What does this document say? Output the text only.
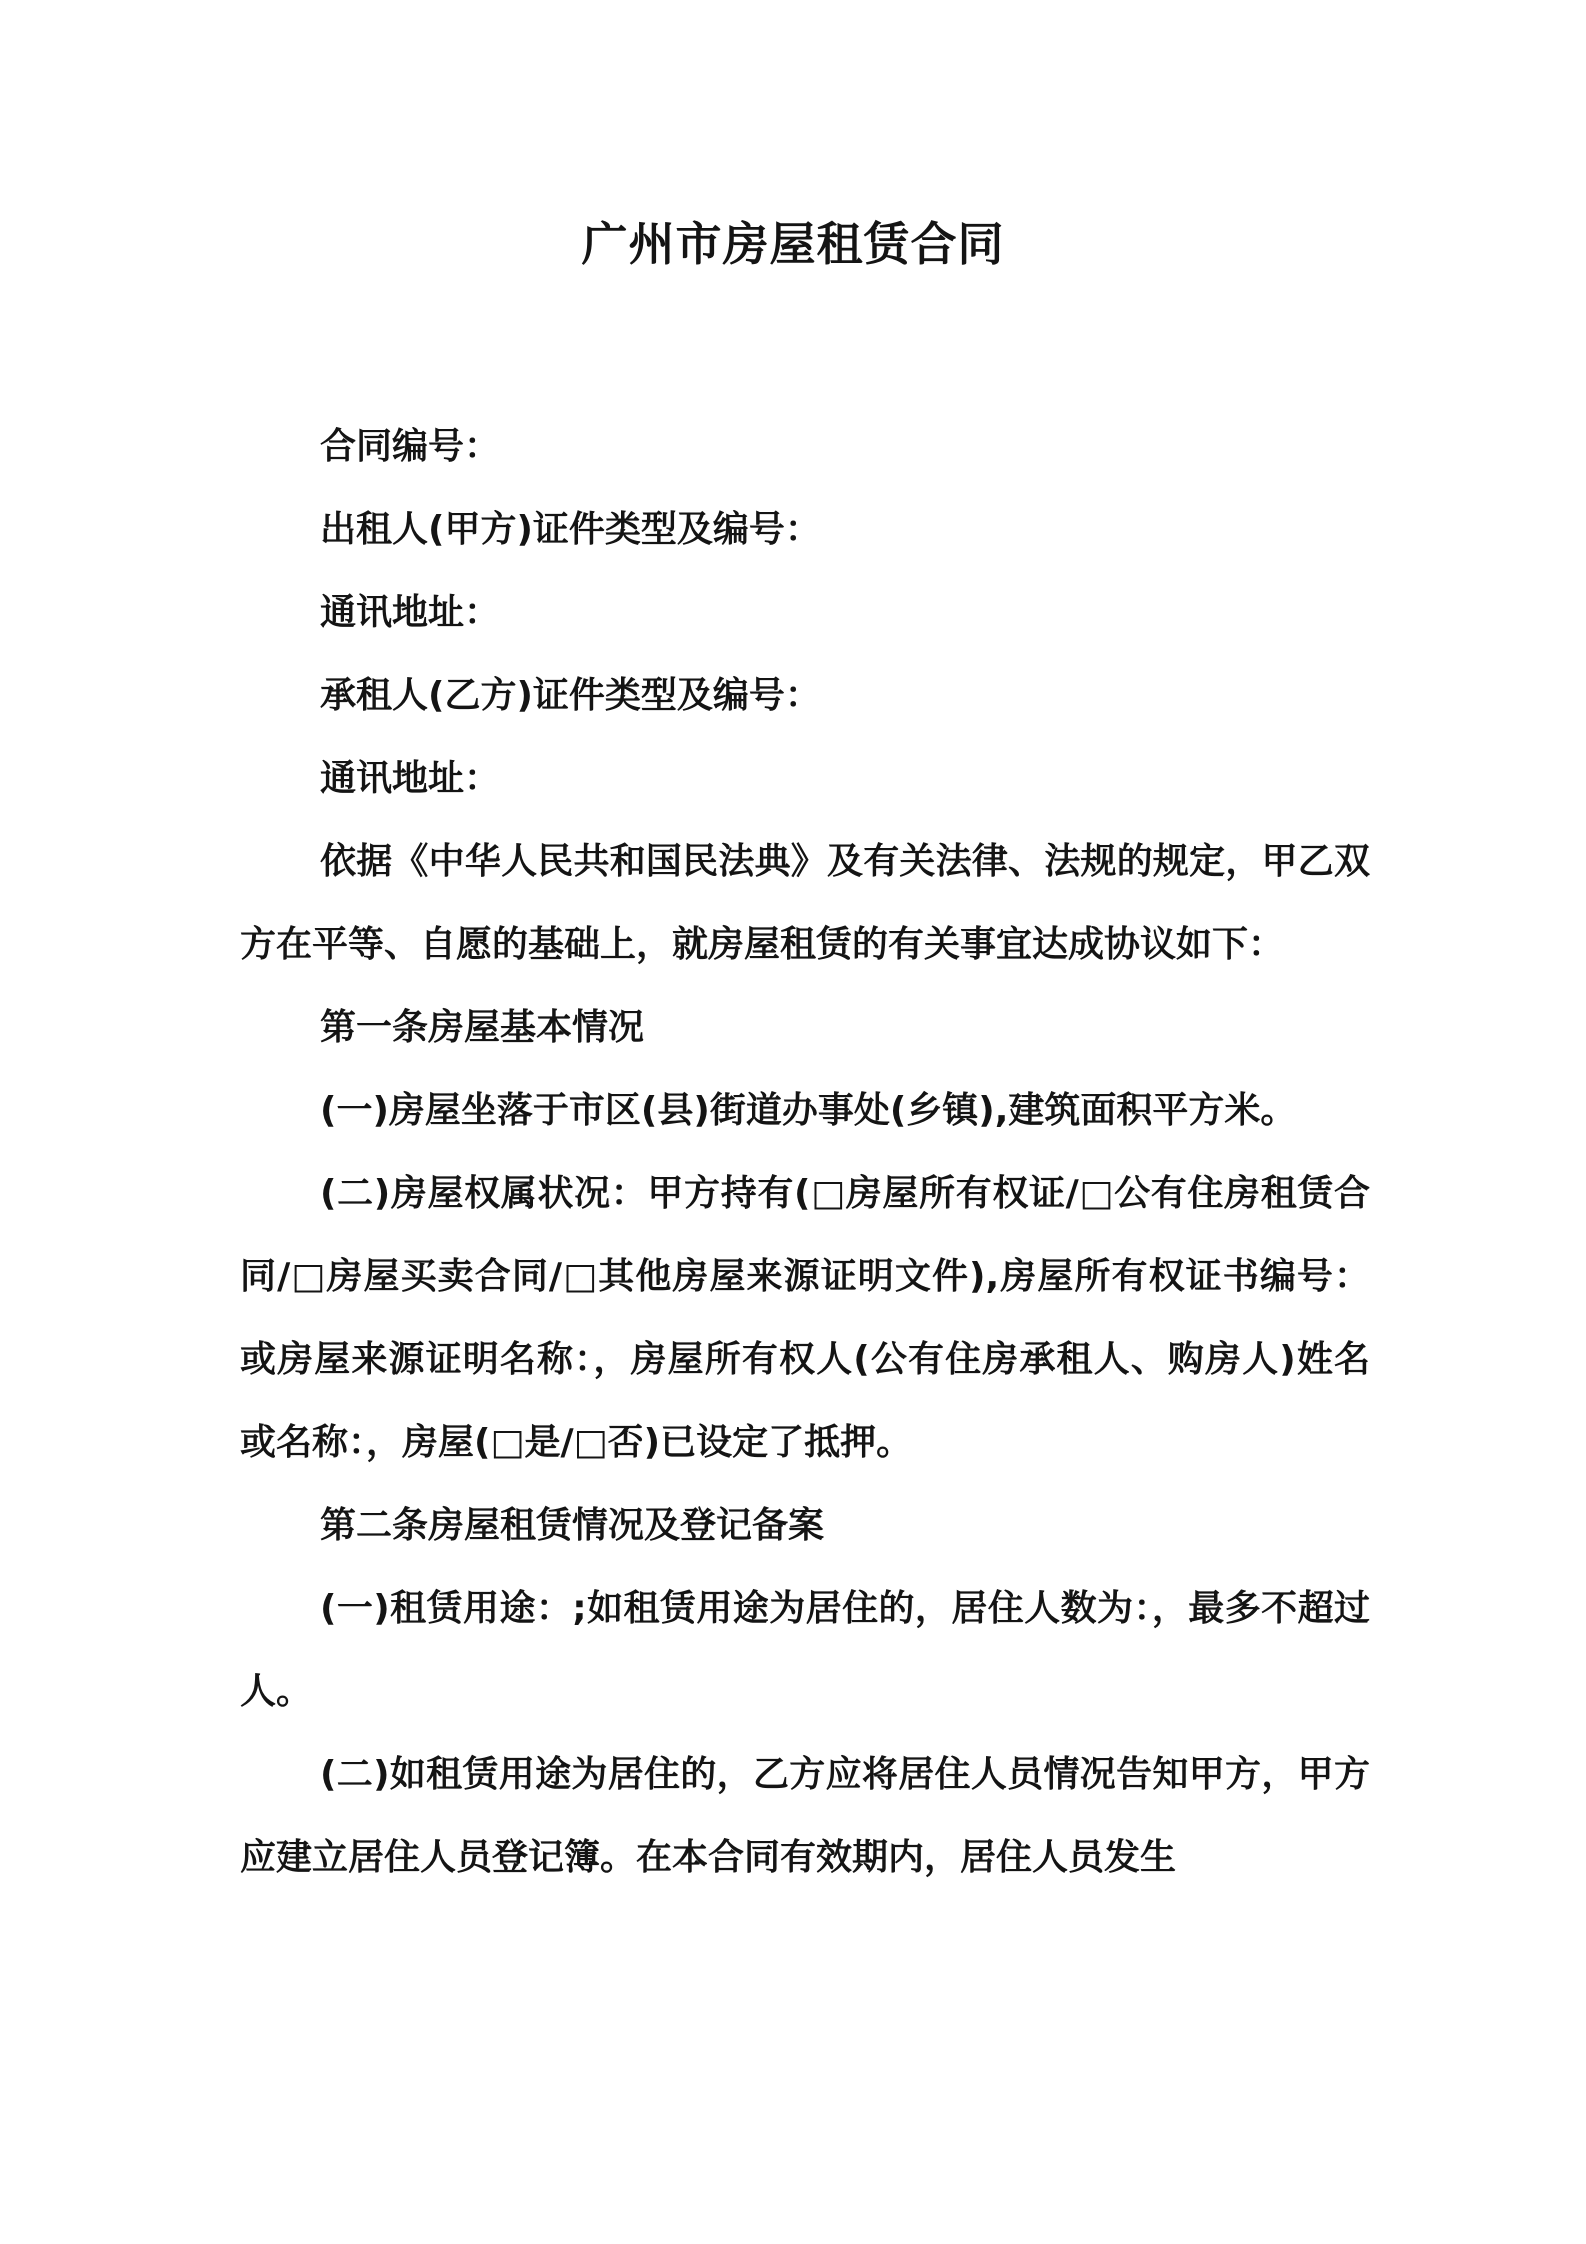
广州市房屋租赁合同

合同编号：

出租人(甲方)证件类型及编号：

通讯地址：

承租人(乙方)证件类型及编号：

通讯地址：

依据《中华人民共和国民法典》及有关法律、法规的规定，甲乙双方在平等、自愿的基础上，就房屋租赁的有关事宜达成协议如下：

第一条房屋基本情况

(一)房屋坐落于市区(县)街道办事处(乡镇),建筑面积平方米。

(二)房屋权属状况：甲方持有(□房屋所有权证/□公有住房租赁合同/□房屋买卖合同/□其他房屋来源证明文件),房屋所有权证书编号：或房屋来源证明名称：，房屋所有权人(公有住房承租人、购房人)姓名或名称：，房屋(□是/□否)已设定了抵押。

第二条房屋租赁情况及登记备案

(一)租赁用途：;如租赁用途为居住的，居住人数为：，最多不超过人。

(二)如租赁用途为居住的，乙方应将居住人员情况告知甲方，甲方应建立居住人员登记簿。在本合同有效期内，居住人员发生
